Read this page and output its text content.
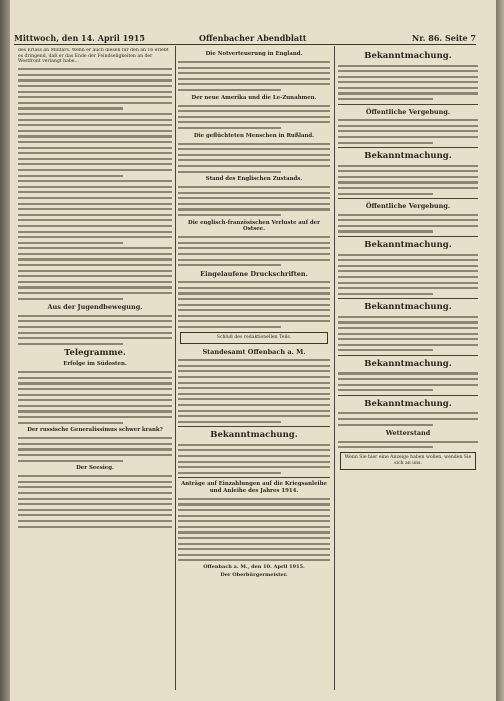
Mittwoch, den 14. April 1915	Offenbacher Abendblatt	Nr. 86. Seite 7
des Erlass an Militärs. Wenn er auch diesen für den an 16 erlebt es dringend, daß er das Ende der Feindseligkeiten an der Westfront verlangt habe...
Aus der Jugendbewegung.
Telegramme.
Erfolge im Südosten.
Der russische Generalissimus schwer krank?
Der Seesieg.
Die Notverteuerung in England.
Der neue Amerika und die Le-Zunahmen.
Die geflüchteten Menschen in Rußland.
Stand des Englischen Zustands.
Die englisch-französischen Verluste auf der Ostsee.
Eingelaufene Druckschriften.
Schluß des redaktionellen Teils.
Standesamt Offenbach a. M.
Bekanntmachung.
Anträge auf Einzahlungen auf die Kriegsanleihe und Anleihe des Jahres 1914.
Offenbach a. M., den 10. April 1915.
Der Oberbürgermeister.
Bekanntmachung.
Öffentliche Vergebung.
Bekanntmachung.
Öffentliche Vergebung.
Bekanntmachung.
Bekanntmachung.
Bekanntmachung.
Bekanntmachung.
Wetterstand
Wenn Sie hier eine Anzeige haben wollen, wenden Sie sich an uns.
